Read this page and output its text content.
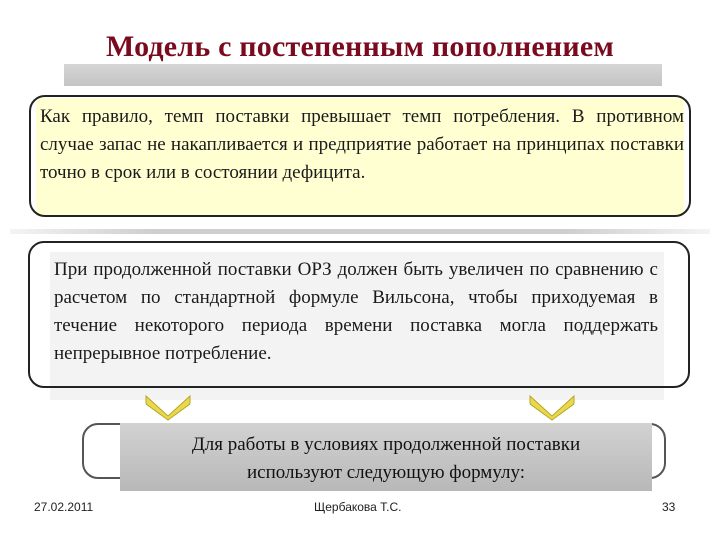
Модель с постепенным пополнением
Как правило, темп поставки превышает темп потребления. В противном случае запас не накапливается и предприятие работает на принципах поставки точно в срок или в состоянии дефицита.
При продолженной поставки ОРЗ должен быть увеличен по сравнению с расчетом по стандартной формуле Вильсона, чтобы приходуемая в течение некоторого периода времени поставка могла поддержать непрерывное потребление.
Для работы в условиях продолженной поставки
используют следующую формулу:
27.02.2011	Щербакова Т.С.	33
